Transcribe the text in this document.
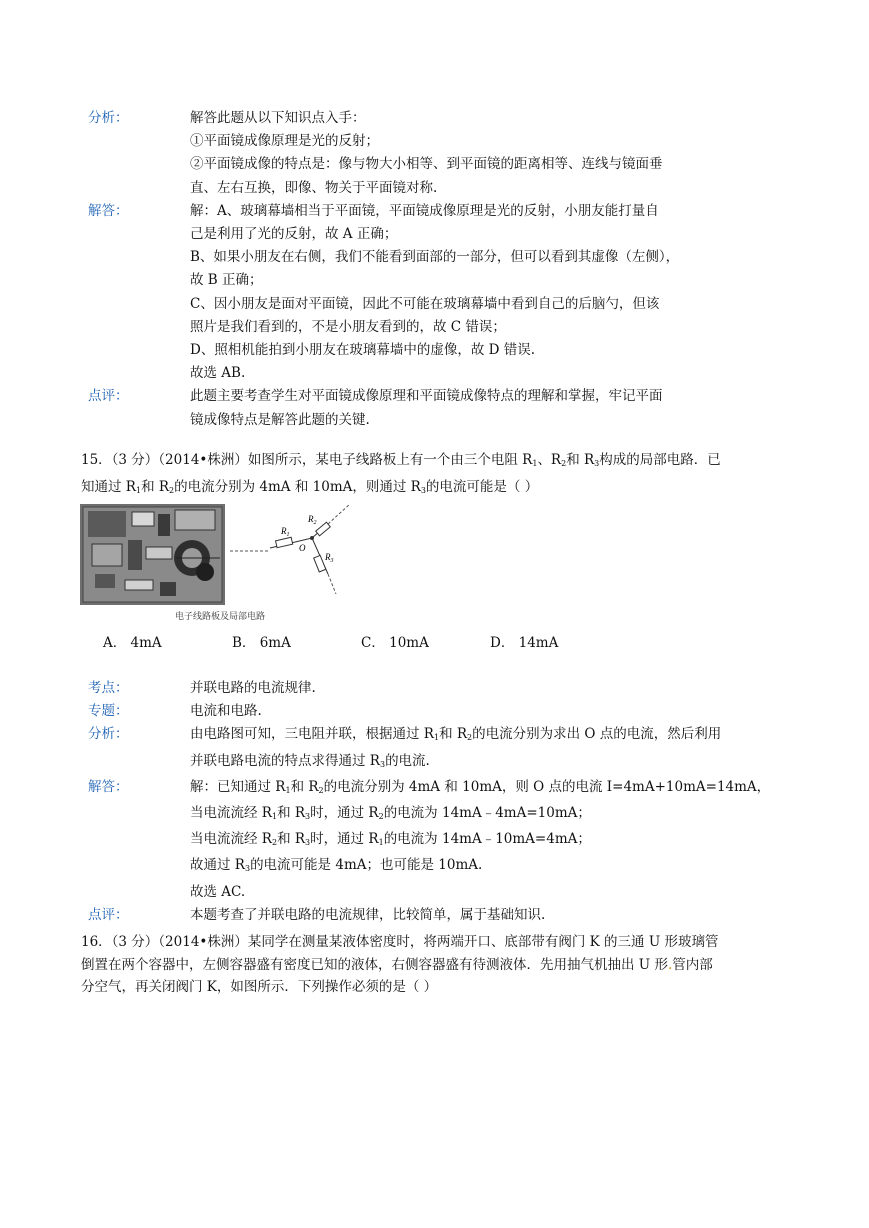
分析：	解答此题从以下知识点入手：
①平面镜成像原理是光的反射；
②平面镜成像的特点是：像与物大小相等、到平面镜的距离相等、连线与镜面垂
直、左右互换，即像、物关于平面镜对称.
解答：	解：A、玻璃幕墙相当于平面镜，平面镜成像原理是光的反射，小朋友能打量自
己是利用了光的反射，故 A 正确；
B、如果小朋友在右侧，我们不能看到面部的一部分，但可以看到其虚像（左侧），
故 B 正确；
C、因小朋友是面对平面镜，因此不可能在玻璃幕墙中看到自己的后脑勺，但该
照片是我们看到的，不是小朋友看到的，故 C 错误；
D、照相机能拍到小朋友在玻璃幕墙中的虚像，故 D 错误.
故选 AB.
点评：	此题主要考查学生对平面镜成像原理和平面镜成像特点的理解和掌握，牢记平面
镜成像特点是解答此题的关键.
15．（3 分）（2014•株洲）如图所示，某电子线路板上有一个由三个电阻 $R_1$、$R_2$和 $R_3$构成的局部电路．已
知通过 $R_1$和 $R_2$的电流分别为 4mA 和 10mA，则通过 $R_3$的电流可能是（ ）
$R_1$
$R_2$
$R_3$
O
电子线路板及局部电路
A． 4mA	B． 6mA	C． 10mA	D． 14mA
考点：	并联电路的电流规律.
专题：	电流和电路.
分析：	由电路图可知，三电阻并联，根据通过 $R_1$和 $R_2$的电流分别为求出 O 点的电流，然后利用
并联电路电流的特点求得通过 $R_3$的电流.
解答：	解：已知通过 $R_1$和 $R_2$的电流分别为 4mA 和 10mA，则 O 点的电流 I=4mA+10mA=14mA，
当电流流经 $R_1$和 $R_3$时，通过 $R_2$的电流为 14mA﹣4mA=10mA；
当电流流经 $R_2$和 $R_3$时，通过 $R_1$的电流为 14mA﹣10mA=4mA；
故通过 $R_3$的电流可能是 4mA；也可能是 10mA.
故选 AC.
点评：	本题考查了并联电路的电流规律，比较简单，属于基础知识.
16．（3 分）（2014•株洲）某同学在测量某液体密度时，将两端开口、底部带有阀门 K 的三通 U 形玻璃管
倒置在两个容器中，左侧容器盛有密度已知的液体，右侧容器盛有待测液体．先用抽气机抽出 U 形.管内部
分空气，再关闭阀门 K，如图所示．下列操作必须的是（ ）
